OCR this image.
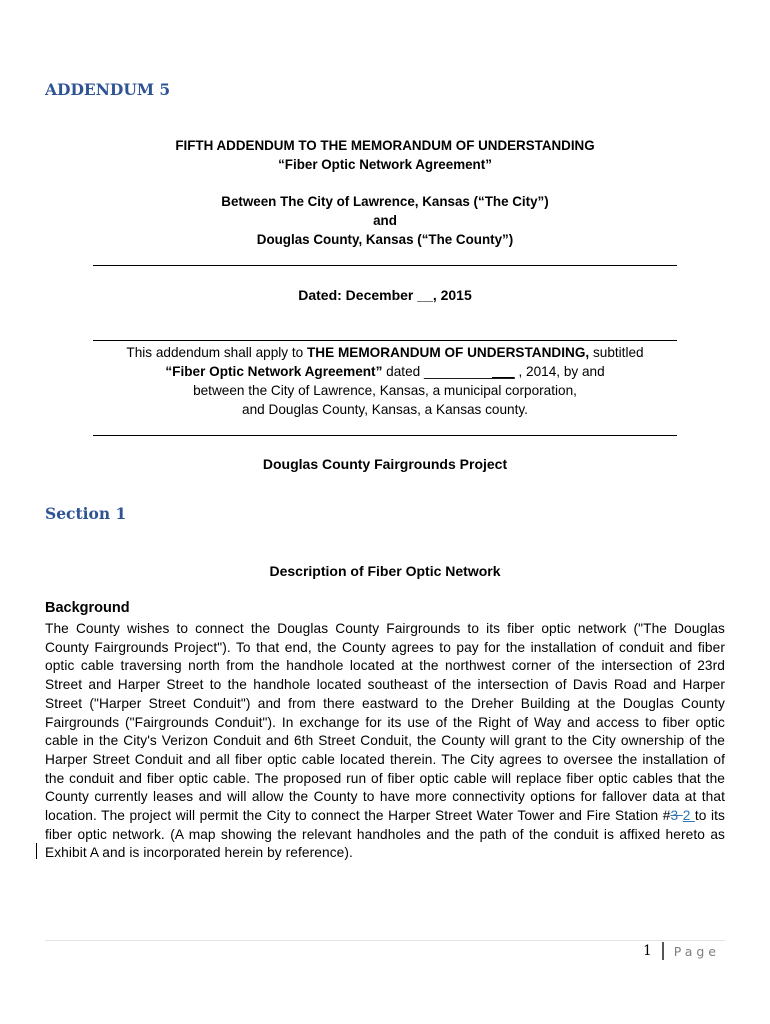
ADDENDUM 5
FIFTH ADDENDUM TO THE MEMORANDUM OF UNDERSTANDING
“Fiber Optic Network Agreement”
Between The City of Lawrence, Kansas (“The City”)
and
Douglas County, Kansas (“The County”)
Dated: December __, 2015
This addendum shall apply to THE MEMORANDUM OF UNDERSTANDING, subtitled
“Fiber Optic Network Agreement” dated ____________ , 2014, by and
between the City of Lawrence, Kansas, a municipal corporation,
and Douglas County, Kansas, a Kansas county.
Douglas County Fairgrounds Project
Section 1
Description of Fiber Optic Network
Background
The County wishes to connect the Douglas County Fairgrounds to its fiber optic network ("The Douglas County Fairgrounds Project"). To that end, the County agrees to pay for the installation of conduit and fiber optic cable traversing north from the handhole located at the northwest corner of the intersection of 23rd Street and Harper Street to the handhole located southeast of the intersection of Davis Road and Harper Street ("Harper Street Conduit") and from there eastward to the Dreher Building at the Douglas County Fairgrounds ("Fairgrounds Conduit"). In exchange for its use of the Right of Way and access to fiber optic cable in the City's Verizon Conduit and 6th Street Conduit, the County will grant to the City ownership of the Harper Street Conduit and all fiber optic cable located therein. The City agrees to oversee the installation of the conduit and fiber optic cable. The proposed run of fiber optic cable will replace fiber optic cables that the County currently leases and will allow the County to have more connectivity options for fallover data at that location. The project will permit the City to connect the Harper Street Water Tower and Fire Station #3 2 to its fiber optic network. (A map showing the relevant handholes and the path of the conduit is affixed hereto as Exhibit A and is incorporated herein by reference).
1 Page
